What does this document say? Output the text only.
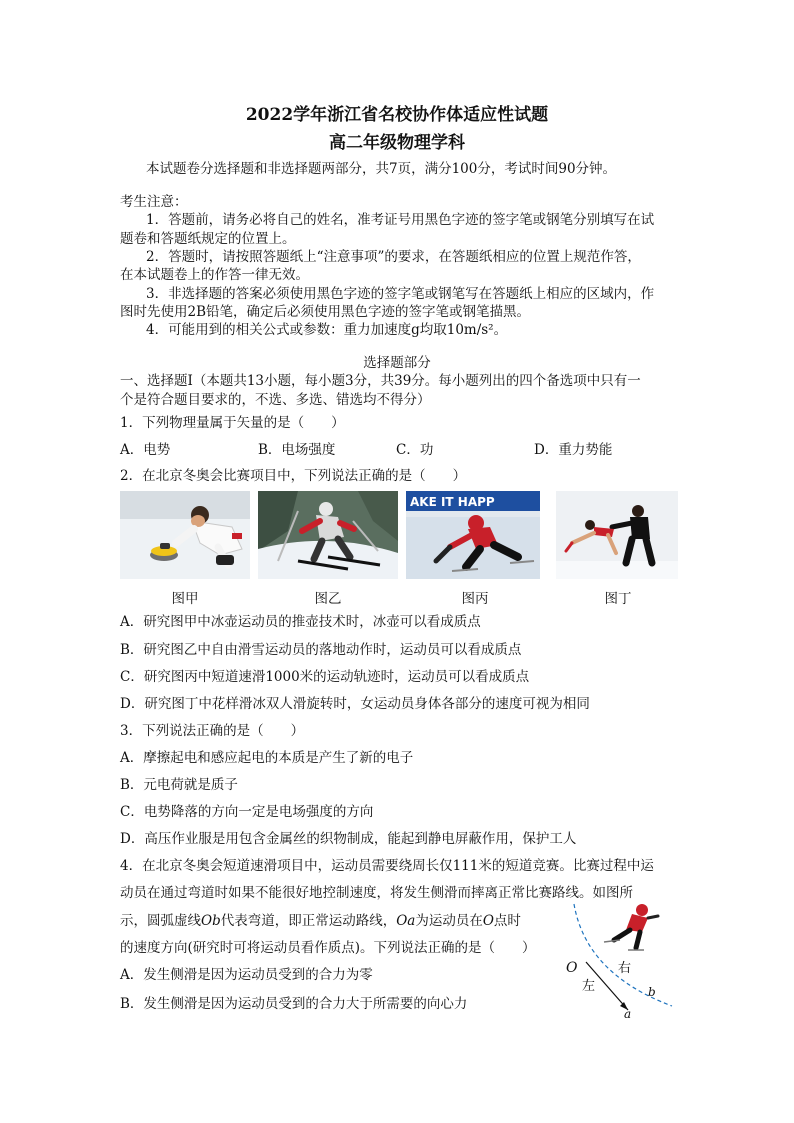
2022学年浙江省名校协作体适应性试题
高二年级物理学科
本试题卷分选择题和非选择题两部分，共7页，满分100分，考试时间90分钟。
考生注意：
1．答题前，请务必将自己的姓名，准考证号用黑色字迹的签字笔或钢笔分别填写在试
题卷和答题纸规定的位置上。
2．答题时，请按照答题纸上“注意事项”的要求，在答题纸相应的位置上规范作答，
在本试题卷上的作答一律无效。
3．非选择题的答案必须使用黑色字迹的签字笔或钢笔写在答题纸上相应的区域内，作
图时先使用2B铅笔，确定后必须使用黑色字迹的签字笔或钢笔描黑。
4．可能用到的相关公式或参数：重力加速度g均取10m/s²。
选择题部分
一、选择题Ⅰ（本题共13小题，每小题3分，共39分。每小题列出的四个备选项中只有一
个是符合题目要求的，不选、多选、错选均不得分）
1．下列物理量属于矢量的是（　　）
A．电势	B．电场强度	C．功	D．重力势能
2．在北京冬奥会比赛项目中，下列说法正确的是（　　）
AKE IT HAPP
图甲	图乙	图丙	图丁
A．研究图甲中冰壶运动员的推壶技术时，冰壶可以看成质点
B．研究图乙中自由滑雪运动员的落地动作时，运动员可以看成质点
C．研究图丙中短道速滑1000米的运动轨迹时，运动员可以看成质点
D．研究图丁中花样滑冰双人滑旋转时，女运动员身体各部分的速度可视为相同
3．下列说法正确的是（　　）
A．摩擦起电和感应起电的本质是产生了新的电子
B．元电荷就是质子
C．电势降落的方向一定是电场强度的方向
D．高压作业服是用包含金属丝的织物制成，能起到静电屏蔽作用，保护工人
4．在北京冬奥会短道速滑项目中，运动员需要绕周长仅111米的短道竞赛。比赛过程中运
动员在通过弯道时如果不能很好地控制速度，将发生侧滑而摔离正常比赛路线。如图所
示，圆弧虚线Ob代表弯道，即正常运动路线，Oa为运动员在O点时
的速度方向(研究时可将运动员看作质点)。下列说法正确的是（　　）
A．发生侧滑是因为运动员受到的合力为零
B．发生侧滑是因为运动员受到的合力大于所需要的向心力
O
左
右
b
a
